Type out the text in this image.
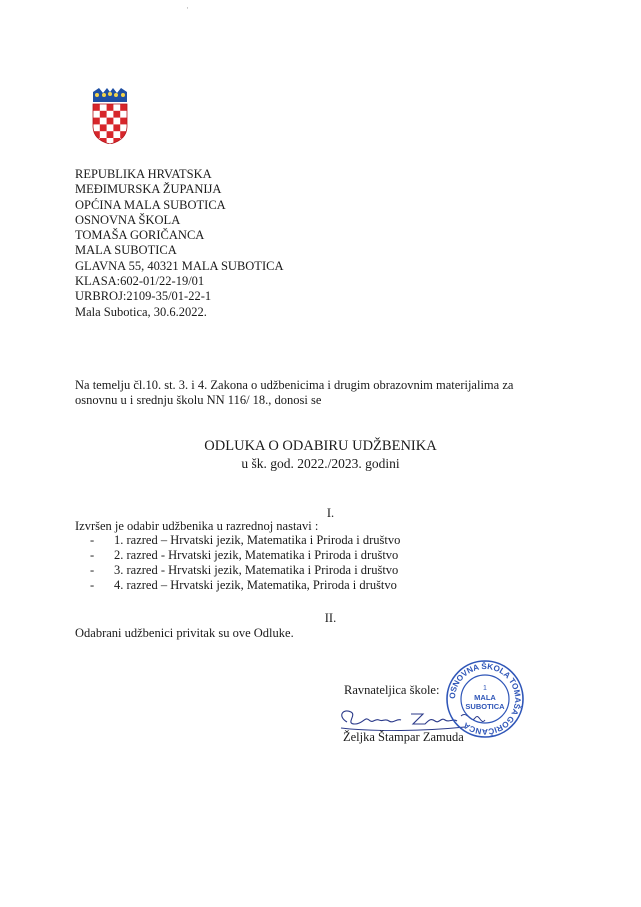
·
REPUBLIKA HRVATSKA
MEĐIMURSKA ŽUPANIJA
OPĆINA MALA SUBOTICA
OSNOVNA ŠKOLA
TOMAŠA GORIČANCA
MALA SUBOTICA
GLAVNA 55, 40321 MALA SUBOTICA
KLASA:602-01/22-19/01
URBROJ:2109-35/01-22-1
Mala Subotica, 30.6.2022.
Na temelju čl.10. st. 3. i 4. Zakona o udžbenicima i drugim obrazovnim materijalima za
osnovnu u i srednju školu NN 116/ 18., donosi se
ODLUKA O ODABIRU UDŽBENIKA
u šk. god. 2022./2023. godini
I.
Izvršen je odabir udžbenika u razrednoj nastavi :
- 1. razred – Hrvatski jezik, Matematika i Priroda i društvo
- 2. razred - Hrvatski jezik, Matematika i Priroda i društvo
- 3. razred - Hrvatski jezik, Matematika i Priroda i društvo
- 4. razred – Hrvatski jezik, Matematika, Priroda i društvo
II.
Odabrani udžbenici privitak su ove Odluke.
Ravnateljica škole:
Željka Štampar Zamuda
OSNOVNA ŠKOLA TOMAŠA GORIČANCA
1
MALA
SUBOTICA
